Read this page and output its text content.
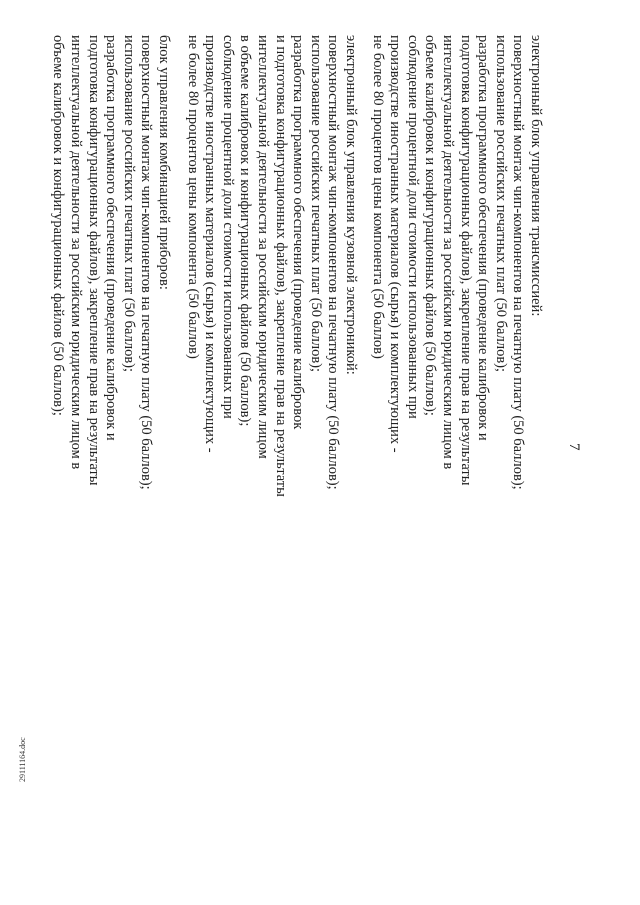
7
электронный блок управления трансмиссией:
поверхностный монтаж чип-компонентов на печатную плату (50 баллов);
использование российских печатных плат (50 баллов);
разработка программного обеспечения (проведение калибровок и
подготовка конфигурационных файлов), закрепление прав на результаты
интеллектуальной деятельности за российским юридическим лицом в
объеме калибровок и конфигурационных файлов (50 баллов);
соблюдение процентной доли стоимости использованных при
производстве иностранных материалов (сырья) и комплектующих -
не более 80 процентов цены компонента (50 баллов)
электронный блок управления кузовной электроникой:
поверхностный монтаж чип-компонентов на печатную плату (50 баллов);
использование российских печатных плат (50 баллов);
разработка программного обеспечения (проведение калибровок
и подготовка конфигурационных файлов), закрепление прав на результаты
интеллектуальной деятельности за российским юридическим лицом
в объеме калибровок и конфигурационных файлов (50 баллов);
соблюдение процентной доли стоимости использованных при
производстве иностранных материалов (сырья) и комплектующих -
не более 80 процентов цены компонента (50 баллов)
блок управления комбинацией приборов:
поверхностный монтаж чип-компонентов на печатную плату (50 баллов);
использование российских печатных плат (50 баллов);
разработка программного обеспечения (проведение калибровок и
подготовка конфигурационных файлов), закрепление прав на результаты
интеллектуальной деятельности за российским юридическим лицом в
объеме калибровок и конфигурационных файлов (50 баллов);
29111164.doc
